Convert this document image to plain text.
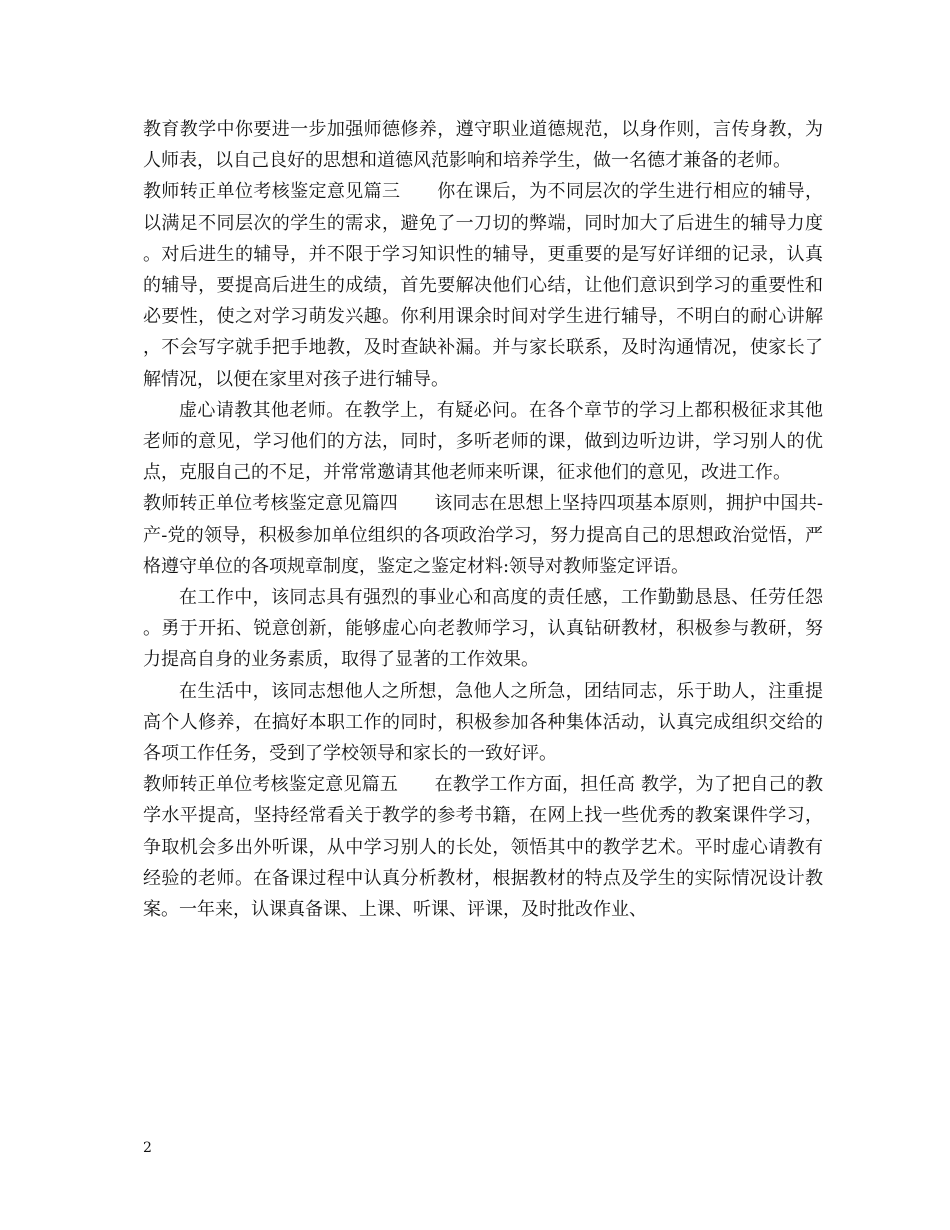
教育教学中你要进一步加强师德修养，遵守职业道德规范，以身作则，言传身教，为人师表，以自己良好的思想和道德风范影响和培养学生，做一名德才兼备的老师。

教师转正单位考核鉴定意见篇三　　你在课后，为不同层次的学生进行相应的辅导，以满足不同层次的学生的需求，避免了一刀切的弊端，同时加大了后进生的辅导力度。对后进生的辅导，并不限于学习知识性的辅导，更重要的是写好详细的记录，认真的辅导，要提高后进生的成绩，首先要解决他们心结，让他们意识到学习的重要性和必要性，使之对学习萌发兴趣。你利用课余时间对学生进行辅导，不明白的耐心讲解，不会写字就手把手地教，及时查缺补漏。并与家长联系，及时沟通情况，使家长了解情况，以便在家里对孩子进行辅导。

虚心请教其他老师。在教学上，有疑必问。在各个章节的学习上都积极征求其他老师的意见，学习他们的方法，同时，多听老师的课，做到边听边讲，学习别人的优点，克服自己的不足，并常常邀请其他老师来听课，征求他们的意见，改进工作。

教师转正单位考核鉴定意见篇四　　该同志在思想上坚持四项基本原则，拥护中国共-产-党的领导，积极参加单位组织的各项政治学习，努力提高自己的思想政治觉悟，严格遵守单位的各项规章制度，鉴定之鉴定材料:领导对教师鉴定评语。

在工作中，该同志具有强烈的事业心和高度的责任感，工作勤勤恳恳、任劳任怨。勇于开拓、锐意创新，能够虚心向老教师学习，认真钻研教材，积极参与教研，努力提高自身的业务素质，取得了显著的工作效果。

在生活中，该同志想他人之所想，急他人之所急，团结同志，乐于助人，注重提高个人修养，在搞好本职工作的同时，积极参加各种集体活动，认真完成组织交给的各项工作任务，受到了学校领导和家长的一致好评。

教师转正单位考核鉴定意见篇五　　在教学工作方面，担任高 教学，为了把自己的教学水平提高，坚持经常看关于教学的参考书籍，在网上找一些优秀的教案课件学习，争取机会多出外听课，从中学习别人的长处，领悟其中的教学艺术。平时虚心请教有经验的老师。在备课过程中认真分析教材，根据教材的特点及学生的实际情况设计教案。一年来，认课真备课、上课、听课、评课，及时批改作业、

2
